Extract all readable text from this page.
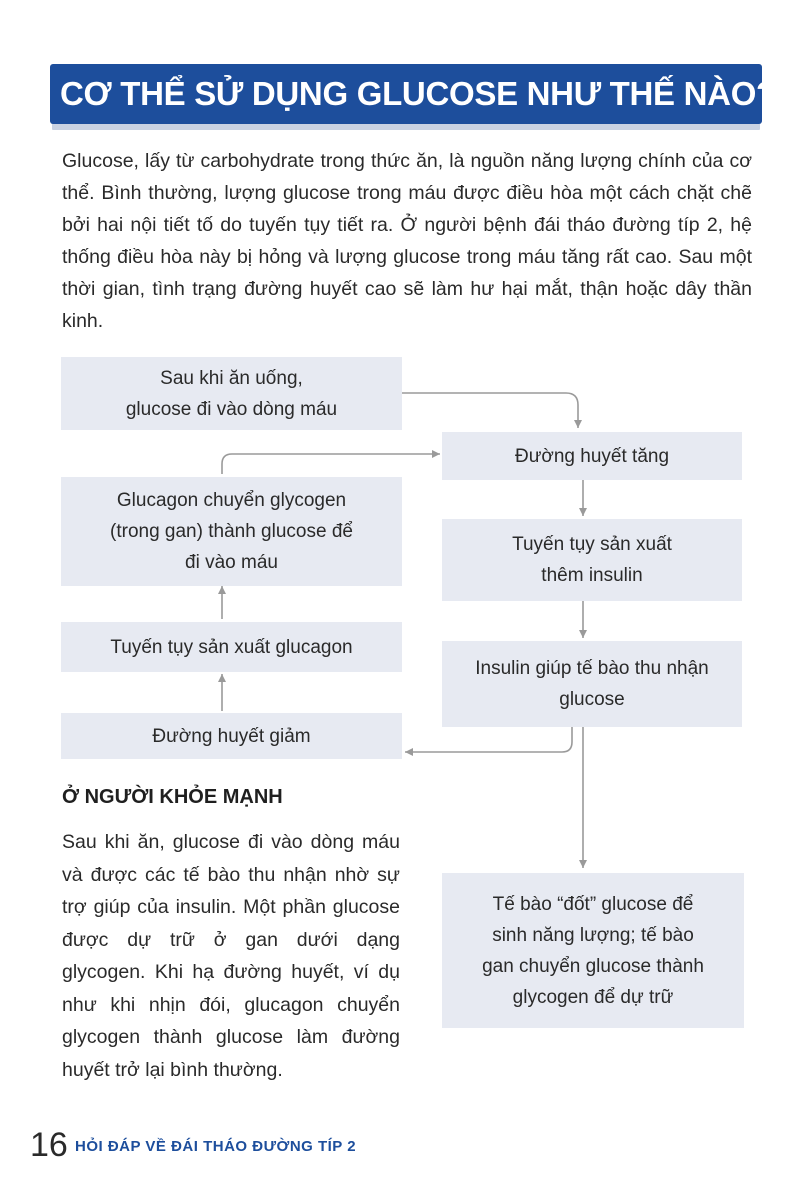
CƠ THỂ SỬ DỤNG GLUCOSE NHƯ THẾ NÀO?

Glucose, lấy từ carbohydrate trong thức ăn, là nguồn năng lượng chính của cơ thể. Bình thường, lượng glucose trong máu được điều hòa một cách chặt chẽ bởi hai nội tiết tố do tuyến tụy tiết ra. Ở người bệnh đái tháo đường típ 2, hệ thống điều hòa này bị hỏng và lượng glucose trong máu tăng rất cao. Sau một thời gian, tình trạng đường huyết cao sẽ làm hư hại mắt, thận hoặc dây thần kinh.

Sau khi ăn uống,
glucose đi vào dòng máu
Đường huyết tăng
Tuyến tụy sản xuất
thêm insulin
Insulin giúp tế bào thu nhận
glucose
Tế bào “đốt” glucose để
sinh năng lượng; tế bào
gan chuyển glucose thành
glycogen để dự trữ
Glucagon chuyển glycogen
(trong gan) thành glucose để
đi vào máu
Tuyến tụy sản xuất glucagon
Đường huyết giảm
Ở NGƯỜI KHỎE MẠNH

Sau khi ăn, glucose đi vào dòng máu và được các tế bào thu nhận nhờ sự trợ giúp của insulin. Một phần glucose được dự trữ ở gan dưới dạng glycogen. Khi hạ đường huyết, ví dụ như khi nhịn đói, glucagon chuyển glycogen thành glucose làm đường huyết trở lại bình thường.

16 HỎI ĐÁP VỀ ĐÁI THÁO ĐƯỜNG TÍP 2
